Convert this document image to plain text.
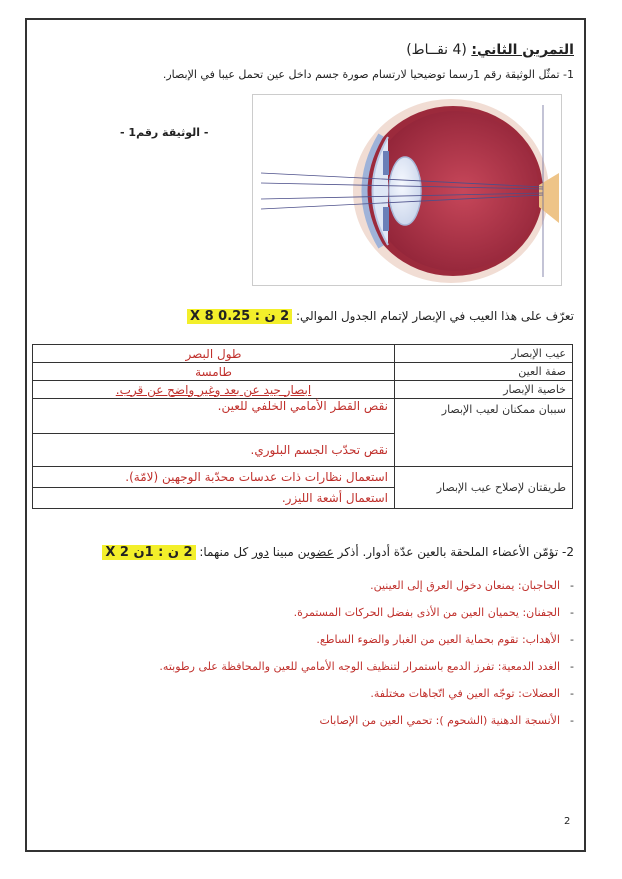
التمرين الثاني: (4 نقــاط)
1- تمثّل الوثيقة رقم 1رسما توضيحيا لارتسام صورة جسم داخل عين تحمل عيبا في الإبصار.
- الوثيقة رقم1 -
تعرّف على هذا العيب في الإبصار لإتمام الجدول الموالي: 2 ن : 0.25 X 8
طول البصر	عيب الإبصار
طامسة	صفة العين
ابصار جيد عن بعد وغير واضح عن قرب.	خاصية الإبصار
نقص القطر الأمامي الخلفي للعين.	سببان ممكنان لعيب الإبصار
نقص تحدّب الجسم البلوري.	
استعمال نظارات ذات عدسات محدّبة الوجهين (لامّة).	طريقتان لإصلاح عيب الإبصار
استعمال أشعة الليزر.	
2- تؤمّن الأعضاء الملحقة بالعين عدّة أدوار. أذكر عضوين مبينا دور كل منهما: 2 ن : 1ن X 2
-
الحاجبان: يمنعان دخول العرق إلى العينين.
-
الجفنان: يحميان العين من الأذى بفضل الحركات المستمرة.
-
الأهداب: تقوم بحماية العين من الغبار والضوء الساطع.
-
الغدد الدمعية: تفرز الدمع باستمرار لتنظيف الوجه الأمامي للعين والمحافظة على رطوبته.
-
العضلات: توجّه العين في اتّجاهات مختلفة.
-
الأنسجة الدهنية (الشحوم ): تحمي العين من الإصابات
2
